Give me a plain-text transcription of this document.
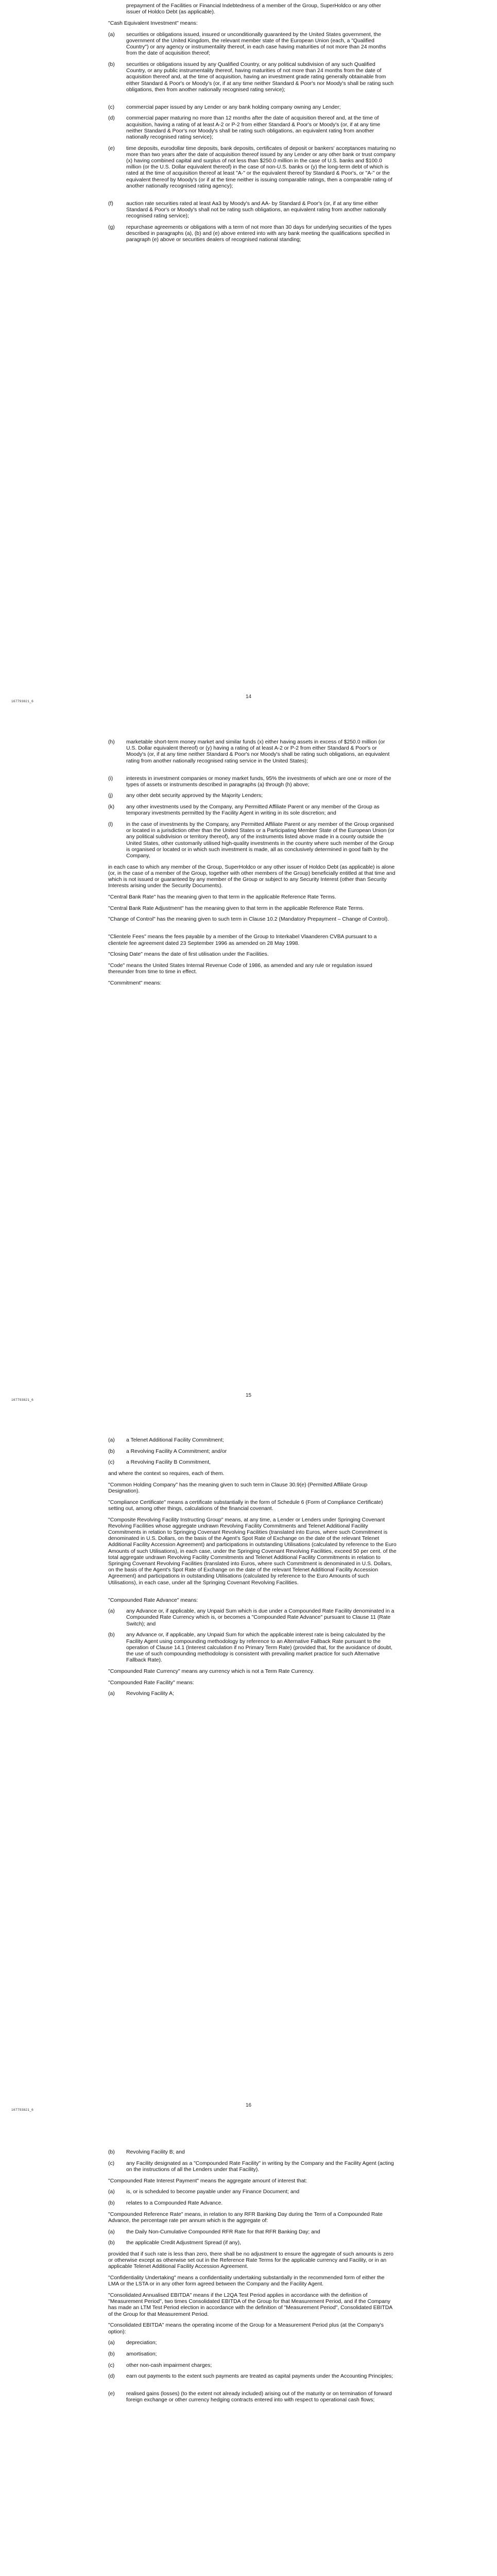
prepayment of the Facilities or Financial Indebtedness of a member of the Group, SuperHoldco or any other issuer of Holdco Debt (as applicable).

"Cash Equivalent Investment" means:

(a)	securities or obligations issued, insured or unconditionally guaranteed by the United States government, the government of the United Kingdom, the relevant member state of the European Union (each, a "Qualified Country") or any agency or instrumentality thereof, in each case having maturities of not more than 24 months from the date of acquisition thereof;

(b)	securities or obligations issued by any Qualified Country, or any political subdivision of any such Qualified Country, or any public instrumentality thereof, having maturities of not more than 24 months from the date of acquisition thereof and, at the time of acquisition, having an investment grade rating generally obtainable from either Standard & Poor's or Moody's (or, if at any time neither Standard & Poor's nor Moody's shall be rating such obligations, then from another nationally recognised rating service);

(c)	commercial paper issued by any Lender or any bank holding company owning any Lender;

(d)	commercial paper maturing no more than 12 months after the date of acquisition thereof and, at the time of acquisition, having a rating of at least A-2 or P-2 from either Standard & Poor's or Moody's (or, if at any time neither Standard & Poor's nor Moody's shall be rating such obligations, an equivalent rating from another nationally recognised rating service);

(e)	time deposits, eurodollar time deposits, bank deposits, certificates of deposit or bankers' acceptances maturing no more than two years after the date of acquisition thereof issued by any Lender or any other bank or trust company (x) having combined capital and surplus of not less than $250.0 million in the case of U.S. banks and $100.0 million (or the U.S. Dollar equivalent thereof) in the case of non-U.S. banks or (y) the long-term debt of which is rated at the time of acquisition thereof at least "A-" or the equivalent thereof by Standard & Poor's, or "A-" or the equivalent thereof by Moody's (or if at the time neither is issuing comparable ratings, then a comparable rating of another nationally recognised rating agency);

(f)	auction rate securities rated at least Aa3 by Moody's and AA- by Standard & Poor's (or, if at any time either Standard & Poor's or Moody's shall not be rating such obligations, an equivalent rating from another nationally recognised rating service);

(g)	repurchase agreements or obligations with a term of not more than 30 days for underlying securities of the types described in paragraphs (a), (b) and (e) above entered into with any bank meeting the qualifications specified in paragraph (e) above or securities dealers of recognised national standing;

14
167793821_6
(h)	marketable short-term money market and similar funds (x) either having assets in excess of $250.0 million (or U.S. Dollar equivalent thereof) or (y) having a rating of at least A-2 or P-2 from either Standard & Poor's or Moody's (or, if at any time neither Standard & Poor's nor Moody's shall be rating such obligations, an equivalent rating from another nationally recognised rating service in the United States);

(i)	interests in investment companies or money market funds, 95% the investments of which are one or more of the types of assets or instruments described in paragraphs (a) through (h) above;

(j)	any other debt security approved by the Majority Lenders;

(k)	any other investments used by the Company, any Permitted Affiliate Parent or any member of the Group as temporary investments permitted by the Facility Agent in writing in its sole discretion; and

(l)	in the case of investments by the Company, any Permitted Affiliate Parent or any member of the Group organised or located in a jurisdiction other than the United States or a Participating Member State of the European Union (or any political subdivision or territory thereof), any of the instruments listed above made in a county outside the United States, other customarily utilised high-quality investments in the country where such member of the Group is organised or located or in which such investment is made, all as conclusively determined in good faith by the Company,

in each case to which any member of the Group, SuperHoldco or any other issuer of Holdco Debt (as applicable) is alone (or, in the case of a member of the Group, together with other members of the Group) beneficially entitled at that time and which is not issued or guaranteed by any member of the Group or subject to any Security Interest (other than Security Interests arising under the Security Documents).

"Central Bank Rate" has the meaning given to that term in the applicable Reference Rate Terms.

"Central Bank Rate Adjustment" has the meaning given to that term in the applicable Reference Rate Terms.

"Change of Control" has the meaning given to such term in Clause 10.2 (Mandatory Prepayment – Change of Control).

"Clientele Fees" means the fees payable by a member of the Group to Interkabel Vlaanderen CVBA pursuant to a clientele fee agreement dated 23 September 1996 as amended on 28 May 1998.

"Closing Date" means the date of first utilisation under the Facilities.

"Code" means the United States Internal Revenue Code of 1986, as amended and any rule or regulation issued thereunder from time to time in effect.

"Commitment" means:

15
167793821_6
(a)	a Telenet Additional Facility Commitment;

(b)	a Revolving Facility A Commitment; and/or

(c)	a Revolving Facility B Commitment,

and where the context so requires, each of them.

"Common Holding Company" has the meaning given to such term in Clause 30.9(e) (Permitted Affiliate Group Designation).

"Compliance Certificate" means a certificate substantially in the form of Schedule 6 (Form of Compliance Certificate) setting out, among other things, calculations of the financial covenant.

"Composite Revolving Facility Instructing Group" means, at any time, a Lender or Lenders under Springing Covenant Revolving Facilities whose aggregate undrawn Revolving Facility Commitments and Telenet Additional Facility Commitments in relation to Springing Covenant Revolving Facilities (translated into Euros, where such Commitment is denominated in U.S. Dollars, on the basis of the Agent's Spot Rate of Exchange on the date of the relevant Telenet Additional Facility Accession Agreement) and participations in outstanding Utilisations (calculated by reference to the Euro Amounts of such Utilisations), in each case, under the Springing Covenant Revolving Facilities, exceed 50 per cent. of the total aggregate undrawn Revolving Facility Commitments and Telenet Additional Facility Commitments in relation to Springing Covenant Revolving Facilities (translated into Euros, where such Commitment is denominated in U.S. Dollars, on the basis of the Agent's Spot Rate of Exchange on the date of the relevant Telenet Additional Facility Accession Agreement) and participations in outstanding Utilisations (calculated by reference to the Euro Amounts of such Utilisations), in each case, under all the Springing Covenant Revolving Facilities.

"Compounded Rate Advance" means:

(a)	any Advance or, if applicable, any Unpaid Sum which is due under a Compounded Rate Facility denominated in a Compounded Rate Currency which is, or becomes a "Compounded Rate Advance" pursuant to Clause 11 (Rate Switch); and

(b)	any Advance or, if applicable, any Unpaid Sum for which the applicable interest rate is being calculated by the Facility Agent using compounding methodology by reference to an Alternative Fallback Rate pursuant to the operation of Clause 14.1 (Interest calculation if no Primary Term Rate) (provided that, for the avoidance of doubt, the use of such compounding methodology is consistent with prevailing market practice for such Alternative Fallback Rate).

"Compounded Rate Currency" means any currency which is not a Term Rate Currency.

"Compounded Rate Facility" means:

(a)	Revolving Facility A;

16
167793821_6
(b)	Revolving Facility B; and

(c)	any Facility designated as a "Compounded Rate Facility" in writing by the Company and the Facility Agent (acting on the instructions of all the Lenders under that Facility).

"Compounded Rate Interest Payment" means the aggregate amount of interest that:

(a)	is, or is scheduled to become payable under any Finance Document; and

(b)	relates to a Compounded Rate Advance.

"Compounded Reference Rate" means, in relation to any RFR Banking Day during the Term of a Compounded Rate Advance, the percentage rate per annum which is the aggregate of:

(a)	the Daily Non-Cumulative Compounded RFR Rate for that RFR Banking Day; and

(b)	the applicable Credit Adjustment Spread (if any),

provided that if such rate is less than zero, there shall be no adjustment to ensure the aggregate of such amounts is zero or otherwise except as otherwise set out in the Reference Rate Terms for the applicable currency and Facility, or in an applicable Telenet Additional Facility Accession Agreement.

"Confidentiality Undertaking" means a confidentiality undertaking substantially in the recommended form of either the LMA or the LSTA or in any other form agreed between the Company and the Facility Agent.

"Consolidated Annualised EBITDA" means if the L2QA Test Period applies in accordance with the definition of "Measurement Period", two times Consolidated EBITDA of the Group for that Measurement Period, and if the Company has made an LTM Test Period election in accordance with the definition of "Measurement Period", Consolidated EBITDA of the Group for that Measurement Period.

"Consolidated EBITDA" means the operating income of the Group for a Measurement Period plus (at the Company's option):

(a)	depreciation;

(b)	amortisation;

(c)	other non-cash impairment charges;

(d)	earn out payments to the extent such payments are treated as capital payments under the Accounting Principles;

(e)	realised gains (losses) (to the extent not already included) arising out of the maturity or on termination of forward foreign exchange or other currency hedging contracts entered into with respect to operational cash flows;
